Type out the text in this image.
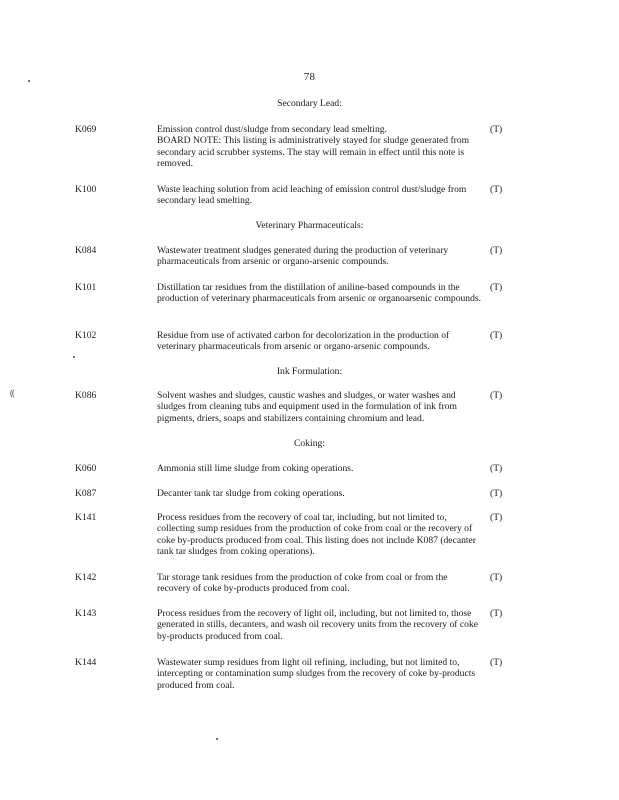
78
Secondary Lead:
K069	Emission control dust/sludge from secondary lead smelting.

BOARD NOTE: This listing is administratively stayed for sludge generated from secondary acid scrubber systems. The stay will remain in effect until this note is removed.

(T)
K100	Waste leaching solution from acid leaching of emission control dust/sludge from secondary lead smelting.
(T)
Veterinary Pharmaceuticals:
K084	Wastewater treatment sludges generated during the production of veterinary pharmaceuticals from arsenic or organo-arsenic compounds.
(T)
K101	Distillation tar residues from the distillation of aniline-based compounds in the production of veterinary pharmaceuticals from arsenic or organoarsenic compounds.
(T)
K102	Residue from use of activated carbon for decolorization in the production of veterinary pharmaceuticals from arsenic or organo-arsenic compounds.
(T)
Ink Formulation:
K086	Solvent washes and sludges, caustic washes and sludges, or water washes and sludges from cleaning tubs and equipment used in the formulation of ink from pigments, driers, soaps and stabilizers containing chromium and lead.
(T)
Coking:
K060	Ammonia still lime sludge from coking operations.	(T)
K087	Decanter tank tar sludge from coking operations.	(T)
K141	Process residues from the recovery of coal tar, including, but not limited to, collecting sump residues from the production of coke from coal or the recovery of coke by-products produced from coal. This listing does not include K087 (decanter tank tar sludges from coking operations).
(T)
K142	Tar storage tank residues from the production of coke from coal or from the recovery of coke by-products produced from coal.
(T)
K143	Process residues from the recovery of light oil, including, but not limited to, those generated in stills, decanters, and wash oil recovery units from the recovery of coke by-products produced from coal.
(T)
K144	Wastewater sump residues from light oil refining, including, but not limited to, intercepting or contamination sump sludges from the recovery of coke by-products produced from coal.
(T)
⸨
